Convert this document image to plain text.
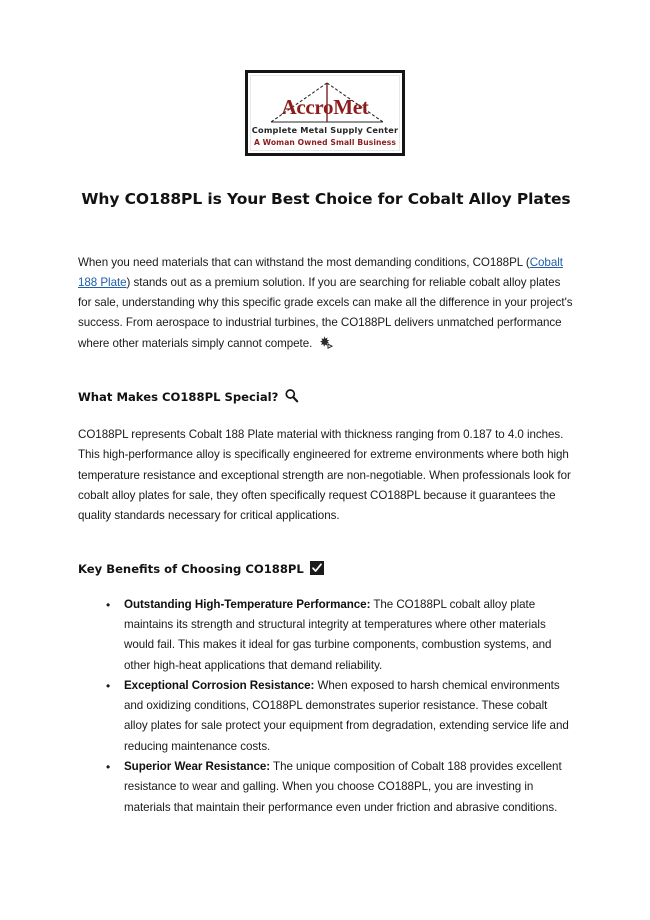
AccroMet
Complete Metal Supply Center
A Woman Owned Small Business
Why CO188PL is Your Best Choice for Cobalt Alloy Plates

When you need materials that can withstand the most demanding conditions, CO188PL (Cobalt 188 Plate) stands out as a premium solution. If you are searching for reliable cobalt alloy plates for sale, understanding why this specific grade excels can make all the difference in your project's success. From aerospace to industrial turbines, the CO188PL delivers unmatched performance where other materials simply cannot compete.

What Makes CO188PL Special?

CO188PL represents Cobalt 188 Plate material with thickness ranging from 0.187 to 4.0 inches. This high-performance alloy is specifically engineered for extreme environments where both high temperature resistance and exceptional strength are non-negotiable. When professionals look for cobalt alloy plates for sale, they often specifically request CO188PL because it guarantees the quality standards necessary for critical applications.

Key Benefits of Choosing CO188PL
• Outstanding High-Temperature Performance: The CO188PL cobalt alloy plate maintains its strength and structural integrity at temperatures where other materials would fail. This makes it ideal for gas turbine components, combustion systems, and other high-heat applications that demand reliability.
• Exceptional Corrosion Resistance: When exposed to harsh chemical environments and oxidizing conditions, CO188PL demonstrates superior resistance. These cobalt alloy plates for sale protect your equipment from degradation, extending service life and reducing maintenance costs.
• Superior Wear Resistance: The unique composition of Cobalt 188 provides excellent resistance to wear and galling. When you choose CO188PL, you are investing in materials that maintain their performance even under friction and abrasive conditions.
